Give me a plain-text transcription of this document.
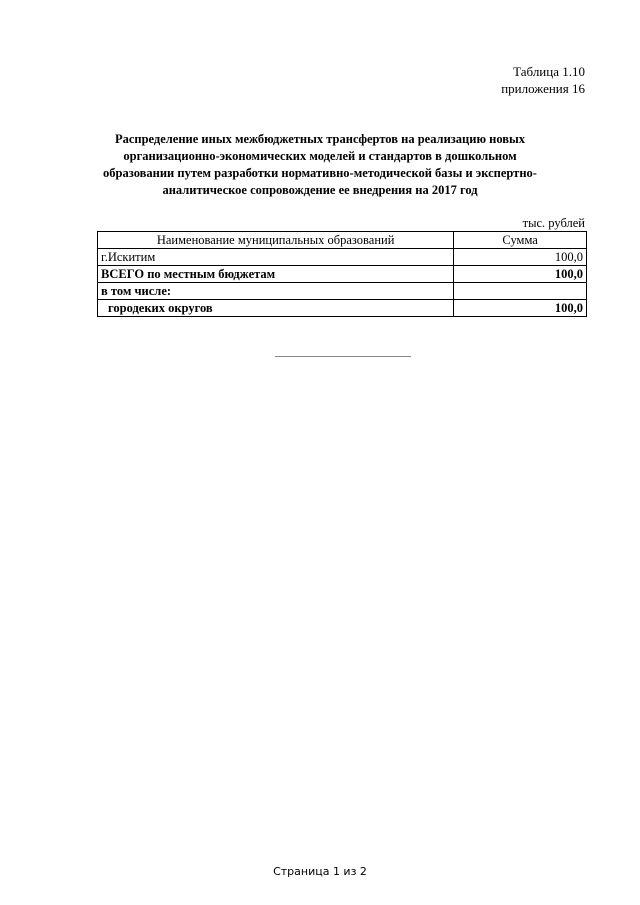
Таблица 1.10
приложения 16
Распределение иных межбюджетных трансфертов на реализацию новых
организационно-экономических моделей и стандартов в дошкольном
образовании путем разработки нормативно-методической базы и экспертно-
аналитическое сопровождение ее внедрения на 2017 год
тыс. рублей
Наименование муниципальных образований	Сумма
г.Искитим	100,0
ВСЕГО по местным бюджетам	100,0
в том числе:	
городеких округов	100,0
Страница 1 из 2
